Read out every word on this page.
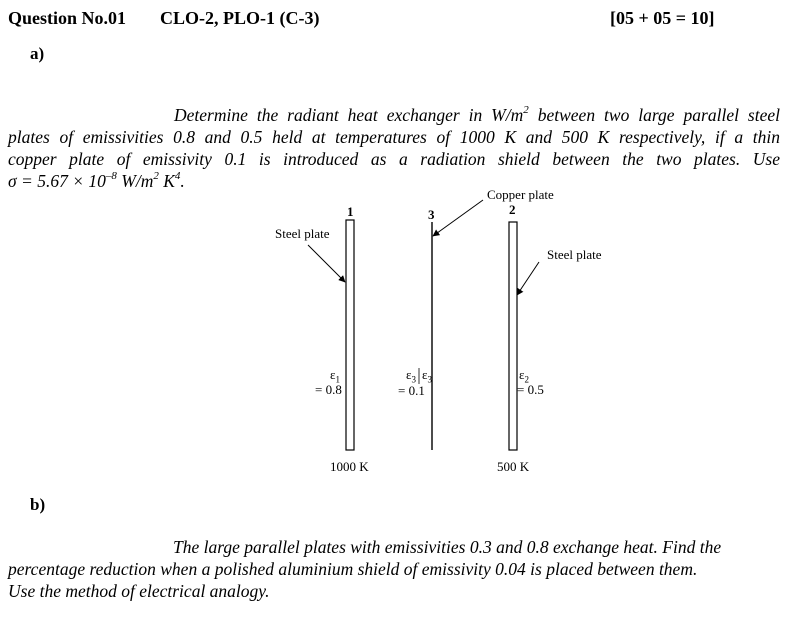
Question No.01 CLO-2, PLO-1 (C-3)	[05 + 05 = 10]
a)
Determine the radiant heat exchanger in $W/m^2$ between two large parallel steel
plates of emissivities 0.8 and 0.5 held at temperatures of 1000 K and 500 K respectively, if a thin
copper plate of emissivity 0.1 is introduced as a radiation shield between the two plates. Use
$\sigma = 5.67 \times 10^{-8}$ $W/m^2$ $K^4$.
Steel plate
Steel plate
Copper plate
1	3	2
$\varepsilon_1$
= 0.8
$\varepsilon_3$ $\varepsilon_3$
= 0.1
$\varepsilon_2$
= 0.5
1000 K	500 K
b)
The large parallel plates with emissivities 0.3 and 0.8 exchange heat. Find the
percentage reduction when a polished aluminium shield of emissivity 0.04 is placed between them.
Use the method of electrical analogy.
